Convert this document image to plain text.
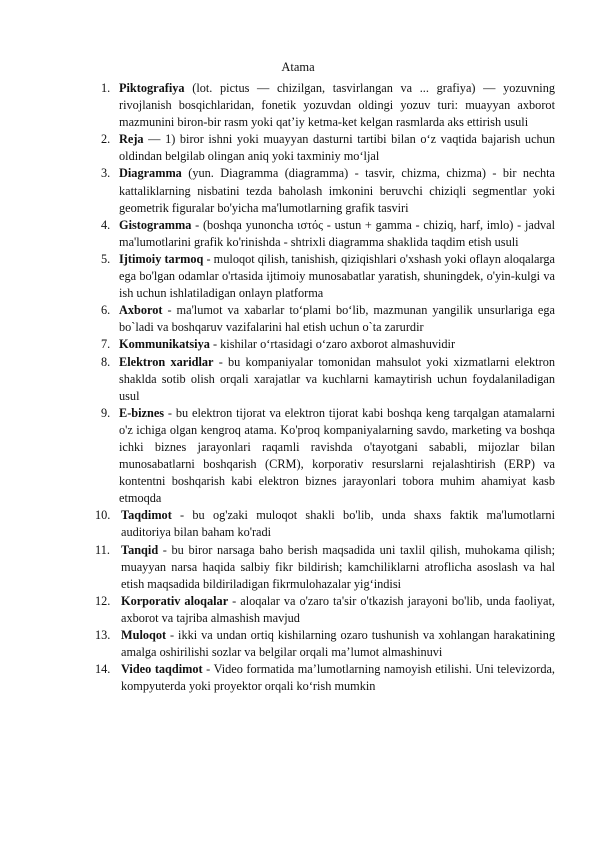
Atama
1. Piktografiya (lot. pictus — chizilgan, tasvirlangan va ... grafiya) — yozuvning rivojlanish bosqichlaridan, fonetik yozuvdan oldingi yozuv turi: muayyan axborot mazmunini biron-bir rasm yoki qat’iy ketma-ket kelgan rasmlarda aks ettirish usuli
2. Reja — 1) biror ishni yoki muayyan dasturni tartibi bilan o‘z vaqtida bajarish uchun oldindan belgilab olingan aniq yoki taxminiy mo‘ljal
3. Diagramma (yun. Diagramma (diagramma) - tasvir, chizma, chizma) - bir nechta kattaliklarning nisbatini tezda baholash imkonini beruvchi chiziqli segmentlar yoki geometrik figuralar bo'yicha ma'lumotlarning grafik tasviri
4. Gistogramma - (boshqa yunoncha ιστός - ustun + gamma - chiziq, harf, imlo) - jadval ma'lumotlarini grafik ko'rinishda - shtrixli diagramma shaklida taqdim etish usuli
5. Ijtimoiy tarmoq - muloqot qilish, tanishish, qiziqishlari o'xshash yoki oflayn aloqalarga ega bo'lgan odamlar o'rtasida ijtimoiy munosabatlar yaratish, shuningdek, o'yin-kulgi va ish uchun ishlatiladigan onlayn platforma
6. Axborot - ma'lumot va xabarlar to‘plami bo‘lib, mazmunan yangilik unsurlariga ega bo`ladi va boshqaruv vazifalarini hal etish uchun o`ta zarurdir
7. Kommunikatsiya - kishilar o‘rtasidagi o‘zaro axborot almashuvidir
8. Elektron xaridlar - bu kompaniyalar tomonidan mahsulot yoki xizmatlarni elektron shaklda sotib olish orqali xarajatlar va kuchlarni kamaytirish uchun foydalaniladigan usul
9. E-biznes - bu elektron tijorat va elektron tijorat kabi boshqa keng tarqalgan atamalarni o'z ichiga olgan kengroq atama. Ko'proq kompaniyalarning savdo, marketing va boshqa ichki biznes jarayonlari raqamli ravishda o'tayotgani sababli, mijozlar bilan munosabatlarni boshqarish (CRM), korporativ resurslarni rejalashtirish (ERP) va kontentni boshqarish kabi elektron biznes jarayonlari tobora muhim ahamiyat kasb etmoqda
10. Taqdimot - bu og'zaki muloqot shakli bo'lib, unda shaxs faktik ma'lumotlarni auditoriya bilan baham ko'radi
11. Tanqid - bu biror narsaga baho berish maqsadida uni taxlil qilish, muhokama qilish; muayyan narsa haqida salbiy fikr bildirish; kamchiliklarni atroflicha asoslash va hal etish maqsadida bildiriladigan fikrmulohazalar yig‘indisi
12. Korporativ aloqalar - aloqalar va o'zaro ta'sir o'tkazish jarayoni bo'lib, unda faoliyat, axborot va tajriba almashish mavjud
13. Muloqot - ikki va undan ortiq kishilarning ozaro tushunish va xohlangan harakatining amalga oshirilishi sozlar va belgilar orqali ma’lumot almashinuvi
14. Video taqdimot - Video formatida ma’lumotlarning namoyish etilishi. Uni televizorda, kompyuterda yoki proyektor orqali ko‘rish mumkin
